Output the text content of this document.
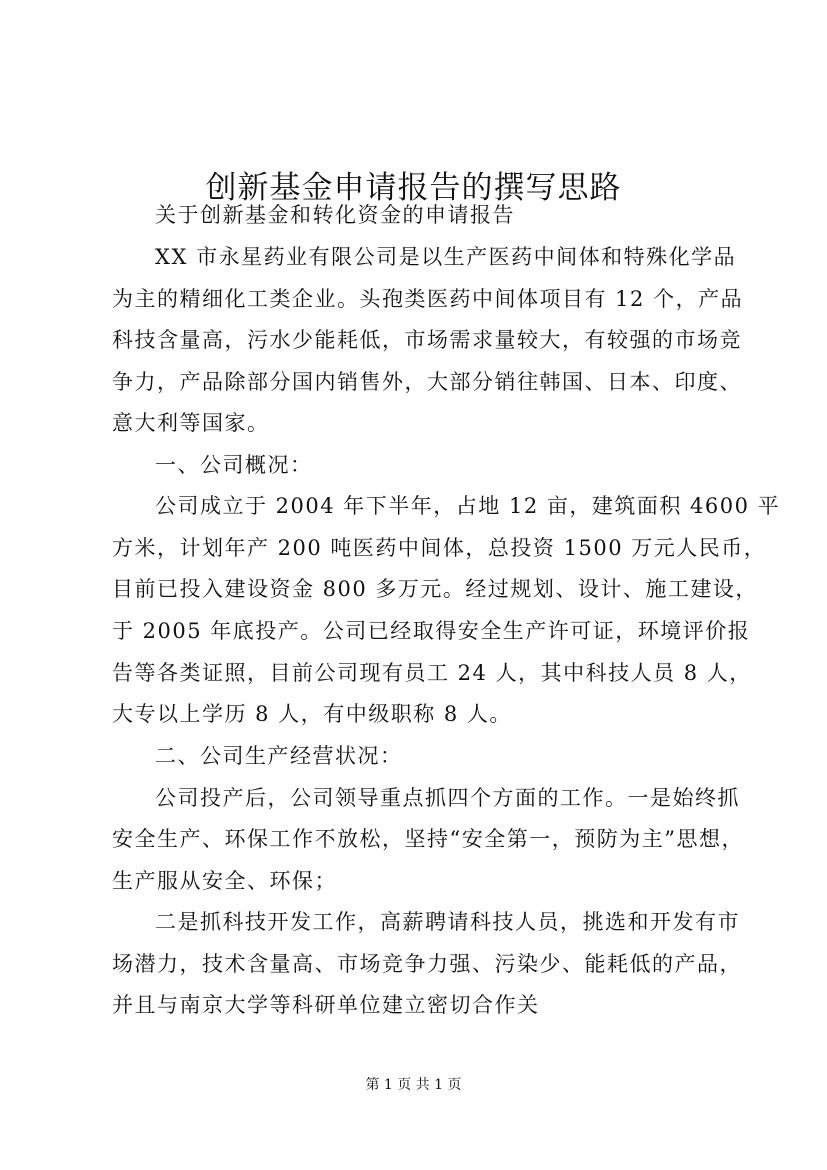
创新基金申请报告的撰写思路
关于创新基金和转化资金的申请报告
XX 市永星药业有限公司是以生产医药中间体和特殊化学品
为主的精细化工类企业。头孢类医药中间体项目有 12 个，产品
科技含量高，污水少能耗低，市场需求量较大，有较强的市场竞
争力，产品除部分国内销售外，大部分销往韩国、日本、印度、
意大利等国家。
一、公司概况：
公司成立于 2004 年下半年，占地 12 亩，建筑面积 4600 平
方米，计划年产 200 吨医药中间体，总投资 1500 万元人民币，
目前已投入建设资金 800 多万元。经过规划、设计、施工建设，
于 2005 年底投产。公司已经取得安全生产许可证，环境评价报
告等各类证照，目前公司现有员工 24 人，其中科技人员 8 人，
大专以上学历 8 人，有中级职称 8 人。
二、公司生产经营状况：
公司投产后，公司领导重点抓四个方面的工作。一是始终抓
安全生产、环保工作不放松，坚持“安全第一，预防为主”思想，
生产服从安全、环保；
二是抓科技开发工作，高薪聘请科技人员，挑选和开发有市
场潜力，技术含量高、市场竞争力强、污染少、能耗低的产品，
并且与南京大学等科研单位建立密切合作关
第 1 页 共 1 页
